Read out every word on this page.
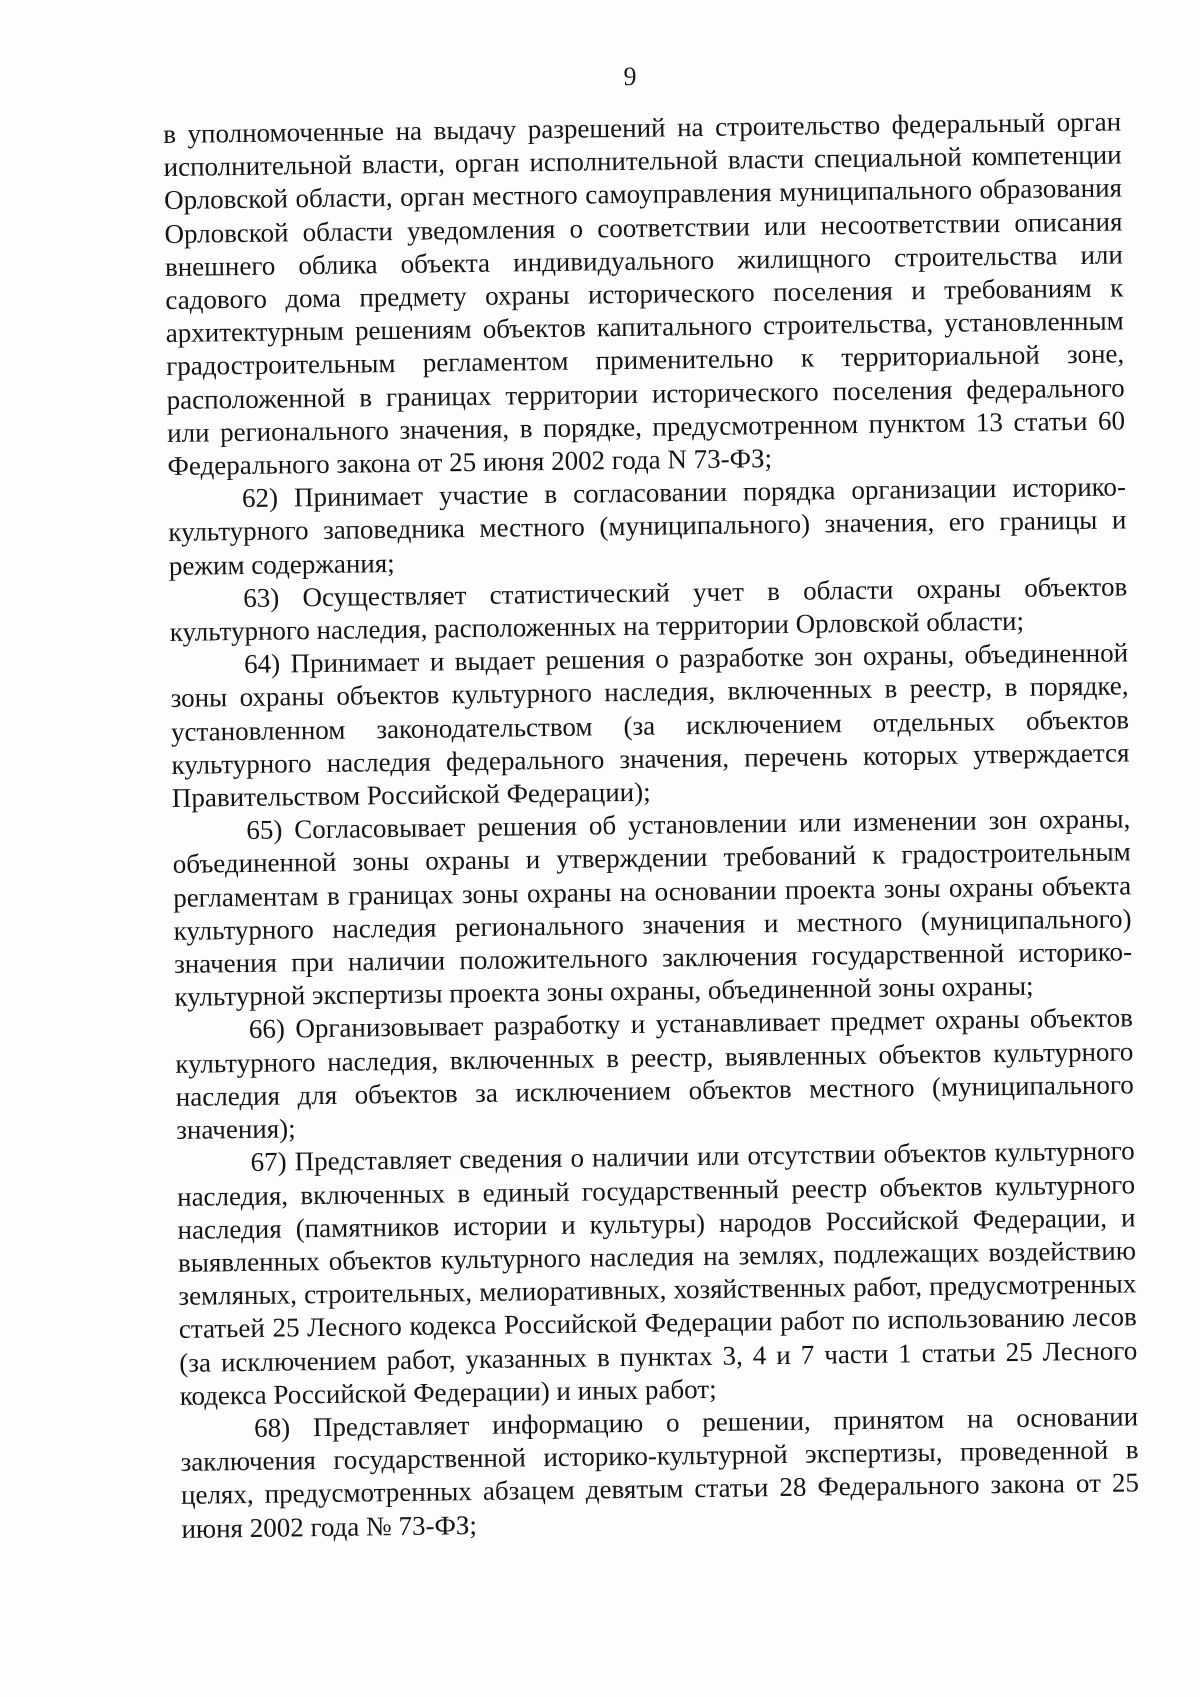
9

в уполномоченные на выдачу разрешений на строительство федеральный орган исполнительной власти, орган исполнительной власти специальной компетенции Орловской области, орган местного самоуправления муниципального образования Орловской области уведомления о соответствии или несоответствии описания внешнего облика объекта индивидуального жилищного строительства или садового дома предмету охраны исторического поселения и требованиям к архитектурным решениям объектов капитального строительства, установленным градостроительным регламентом применительно к территориальной зоне, расположенной в границах территории исторического поселения федерального или регионального значения, в порядке, предусмотренном пунктом 13 статьи 60 Федерального закона от 25 июня 2002 года N 73-ФЗ;

62) Принимает участие в согласовании порядка организации историко-культурного заповедника местного (муниципального) значения, его границы и режим содержания;

63) Осуществляет статистический учет в области охраны объектов культурного наследия, расположенных на территории Орловской области;

64) Принимает и выдает решения о разработке зон охраны, объединенной зоны охраны объектов культурного наследия, включенных в реестр, в порядке, установленном законодательством (за исключением отдельных объектов культурного наследия федерального значения, перечень которых утверждается Правительством Российской Федерации);

65) Согласовывает решения об установлении или изменении зон охраны, объединенной зоны охраны и утверждении требований к градостроительным регламентам в границах зоны охраны на основании проекта зоны охраны объекта культурного наследия регионального значения и местного (муниципального) значения при наличии положительного заключения государственной историко-культурной экспертизы проекта зоны охраны, объединенной зоны охраны;

66) Организовывает разработку и устанавливает предмет охраны объектов культурного наследия, включенных в реестр, выявленных объектов культурного наследия для объектов за исключением объектов местного (муниципального значения);

67) Представляет сведения о наличии или отсутствии объектов культурного наследия, включенных в единый государственный реестр объектов культурного наследия (памятников истории и культуры) народов Российской Федерации, и выявленных объектов культурного наследия на землях, подлежащих воздействию земляных, строительных, мелиоративных, хозяйственных работ, предусмотренных статьей 25 Лесного кодекса Российской Федерации работ по использованию лесов (за исключением работ, указанных в пунктах 3, 4 и 7 части 1 статьи 25 Лесного кодекса Российской Федерации) и иных работ;

68) Представляет информацию о решении, принятом на основании заключения государственной историко-культурной экспертизы, проведенной в целях, предусмотренных абзацем девятым статьи 28 Федерального закона от 25 июня 2002 года № 73-ФЗ;
